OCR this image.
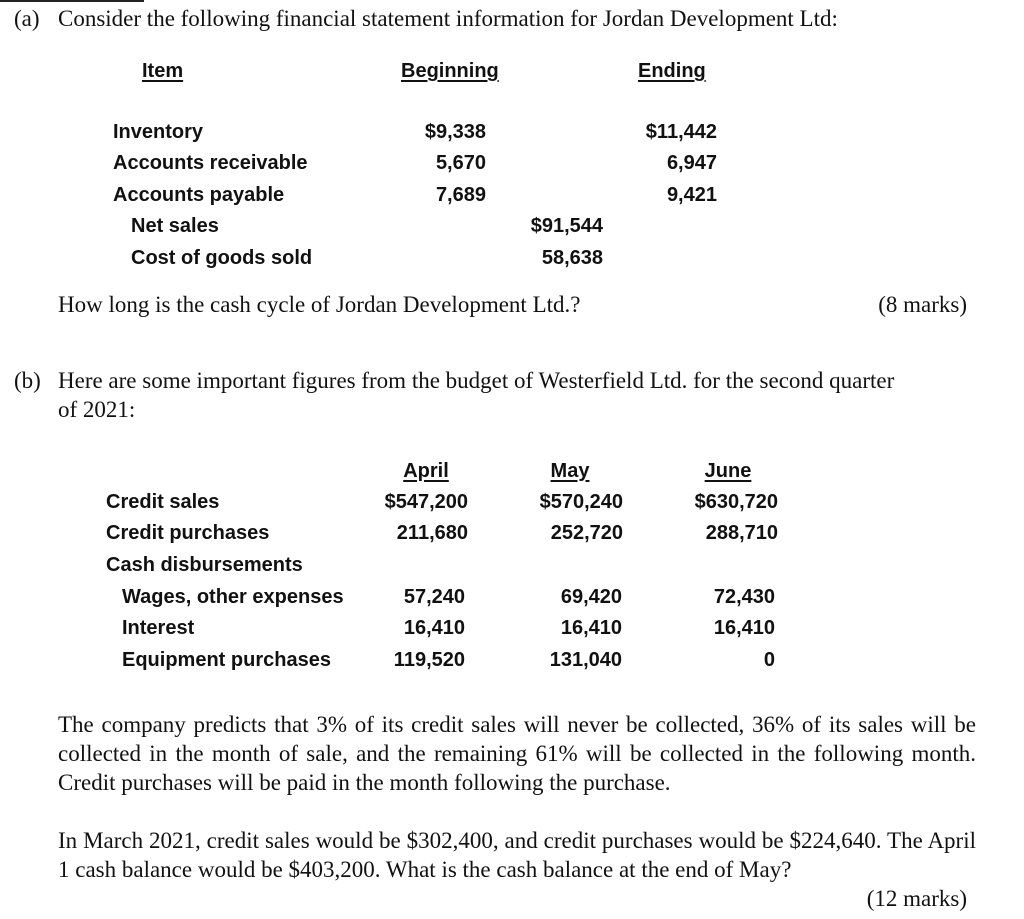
(a) Consider the following financial statement information for Jordan Development Ltd:
Item	Beginning	Ending
Inventory	$9,338	$11,442
Accounts receivable	5,670	6,947
Accounts payable	7,689	9,421
Net sales	$91,544
Cost of goods sold	58,638
How long is the cash cycle of Jordan Development Ltd.?	(8 marks)
(b) Here are some important figures from the budget of Westerfield Ltd. for the second quarter
of 2021:
April	May	June
Credit sales	$547,200	$570,240	$630,720
Credit purchases	211,680	252,720	288,710
Cash disbursements
Wages, other expenses	57,240	69,420	72,430
Interest	16,410	16,410	16,410
Equipment purchases	119,520	131,040	0
The company predicts that 3% of its credit sales will never be collected, 36% of its sales will be collected in the month of sale, and the remaining 61% will be collected in the following month. Credit purchases will be paid in the month following the purchase.
In March 2021, credit sales would be $302,400, and credit purchases would be $224,640. The April 1 cash balance would be $403,200. What is the cash balance at the end of May?
(12 marks)
